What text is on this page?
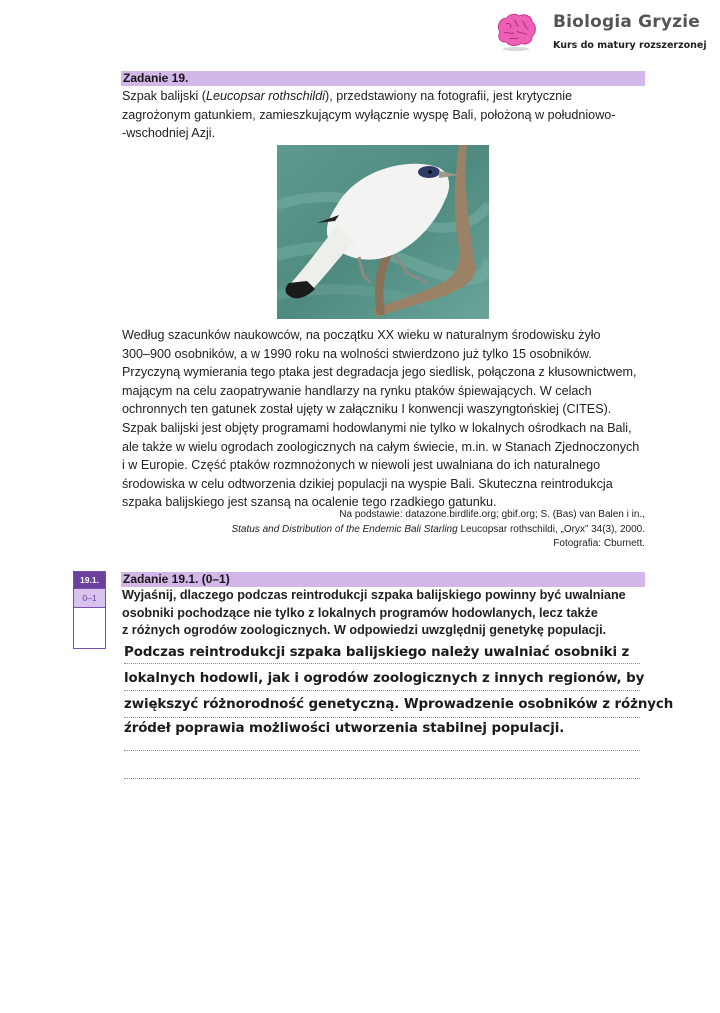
Biologia Gryzie
Kurs do matury rozszerzonej
Zadanie 19.
Szpak balijski (Leucopsar rothschildi), przedstawiony na fotografii, jest krytycznie
zagrożonym gatunkiem, zamieszkującym wyłącznie wyspę Bali, położoną w południowo-
-wschodniej Azji.
Według szacunków naukowców, na początku XX wieku w naturalnym środowisku żyło
300–900 osobników, a w 1990 roku na wolności stwierdzono już tylko 15 osobników.
Przyczyną wymierania tego ptaka jest degradacja jego siedlisk, połączona z kłusownictwem,
mającym na celu zaopatrywanie handlarzy na rynku ptaków śpiewających. W celach
ochronnych ten gatunek został ujęty w załączniku I konwencji waszyngtońskiej (CITES).
Szpak balijski jest objęty programami hodowlanymi nie tylko w lokalnych ośrodkach na Bali,
ale także w wielu ogrodach zoologicznych na całym świecie, m.in. w Stanach Zjednoczonych
i w Europie. Część ptaków rozmnożonych w niewoli jest uwalniana do ich naturalnego
środowiska w celu odtworzenia dzikiej populacji na wyspie Bali. Skuteczna reintrodukcja
szpaka balijskiego jest szansą na ocalenie tego rzadkiego gatunku.
Na podstawie: datazone.birdlife.org; gbif.org; S. (Bas) van Balen i in.,
Status and Distribution of the Endemic Bali Starling Leucopsar rothschildi, „Oryx” 34(3), 2000.
Fotografia: Cburnett.
19.1.
0–1
Zadanie 19.1. (0–1)
Wyjaśnij, dlaczego podczas reintrodukcji szpaka balijskiego powinny być uwalniane
osobniki pochodzące nie tylko z lokalnych programów hodowlanych, lecz także
z różnych ogrodów zoologicznych. W odpowiedzi uwzględnij genetykę populacji.
Podczas reintrodukcji szpaka balijskiego należy uwalniać osobniki z
lokalnych hodowli, jak i ogrodów zoologicznych z innych regionów, by
zwiększyć różnorodność genetyczną. Wprowadzenie osobników z różnych
źródeł poprawia możliwości utworzenia stabilnej populacji.
